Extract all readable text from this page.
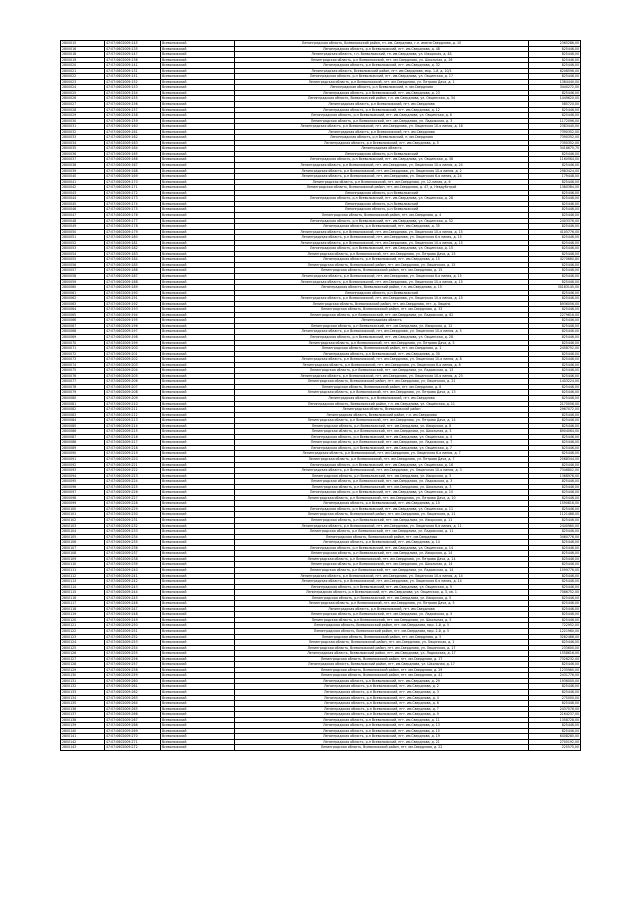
2800015	47:07:0602009:145	Всеволожский	Ленинградская область, Всеволожский район, гп. им. Свердлова, г.п. имени Свердлова, д. 10	2365286,00
2800016	47:07:0602009:135	Всеволожский	Ленинградская область, р-н Всеволожский, пгт. им.Свердлова, д. 48	825446,00
2800018	47:07:0602009:147	Всеволожский	Ленинградская область, г.п. Всеволожский, гп. им.Свердлова, ул. Ижорская, д. 4Б	825446,00
2800019	47:07:0602009:136	Всеволожский	Ленинградская область, р-н Всеволожский, пгт. им.Свердлова, ул. Школьная, д. 26	825446,00
2800020	47:07:0602009:141	Всеволожский	Ленинградская область, р-н Всеволожский, пгт. им.Свердлова, д. 32	825446,00
2800021	47:07:0602009:131	Всеволожский	Ленинградская область, Всеволожский район, пгт. им.Свердлова, мкр. 1-й, д. 10/1	6208596,00
2800022	47:07:0602009:151	Всеволожский	Ленинградская область, р-н Всеволожский, пгт. им.Свердлова, ул. Овцинская, д. 17	825446,00
2800023	47:07:0602009:152	Всеволожский	Ленинградская область, р-н Всеволожский, пгт. им.Свердлова, ул. Петрова Дача, д. 1	1384440,00
2800024	47:07:0602009:153	Всеволожский	Ленинградская область, р-н Всеволожский, п. им.Свердлова	3440272,00
2800025	47:07:0602009:154	Всеволожский	Ленинградская область, р-н Всеволожский, пгт. им.Свердлова, д. 23	825446,00
2800026	47:07:0602009:155	Всеволожский	Ленинградская область, Всеволожский район, г.п. им.Свердлова, ул. Овцинская, д. 34	1449620,00
2800027	47:07:0602009:156	Всеволожский	Ленинградская область, р-н Всеволожский, пгт. им.Свердлова	585720,00
2800028	47:07:0602009:157	Всеволожский	Ленинградская область, р-н Всеволожский, пгт. им.Свердлова, д. 12	825446,00
2800029	47:07:0602009:158	Всеволожский	Ленинградская область, р-н Всеволожский, пгт. им.Свердлова, ул. Овцинская, д. 6	825446,00
2800030	47:07:0602009:159	Всеволожский	Ленинградская область, р-н Всеволожский, пгт. им.Свердлова, ул. Ладожская, д. 3	1172096,00
2800031	47:07:0602009:160	Всеволожский	Ленинградская область, р-н Всеволожский, пгт. им.Свердлова, ул. Овцинская 10-я линия, д. 16	2383440,00
2800032	47:07:0602009:161	Всеволожский	Ленинградская область, р-н Всеволожский, пгт. им.Свердлова	7390352,00
2800033	47:07:0602009:162	Всеволожский	Ленинградская область, р-н Всеволожский, п. им.Свердлова	7390352,00
2800034	47:07:0602009:163	Всеволожский	Ленинградская область, р-н Всеволожский, пгт. им.Свердлова, д. 5	7390352,00
2800035	47:07:0602009:164	Всеволожский	Ленинградская область	3416675,75
2800036	47:07:0602009:165	Всеволожский	Ленинградская область, р-н Всеволожский	825446,00
2800037	47:07:0602009:166	Всеволожский	Ленинградская область, р-н Всеволожский, пгт. им.Свердлова, ул. Овцинская, д. 38	1160564,00
2800038	47:07:0602009:167	Всеволожский	Ленинградская область, р-н Всеволожский, пгт. им.Свердлова, ул. Овцинская 10-я линия, д. 24	825446,00
2800039	47:07:0602009:168	Всеволожский	Ленинградская область, р-н Всеволожский, пгт. им.Свердлова, ул. Овцинская 10-я линия, д. 2	2983424,00
2800040	47:07:0602009:169	Всеволожский	Ленинградская область, р-н Всеволожский, пгт. им.Свердлова, ул. Овцинская 6-я линия, д. 24	179448,00
2800041	47:07:0602009:170	Всеволожский	Ленинградская область, р-н Всеволожский, пгт. им.Свердлова, ул. 12-линия, д. 6	825446,00
2800042	47:07:0602009:171	Всеволожский	Ленинградская область, Всеволожский район, пгт. им.Свердлова, д. 47, д. Невдубстрой	1360384,00
2800043	47:07:0602009:172	Всеволожский	Ленинградская область, р-н Всеволожский	825446,00
2800044	47:07:0602009:173	Всеволожский	Ленинградская область, р-н Всеволожский, пгт. им.Свердлова, ул. Овцинская, д. 28	825446,00
2800045	47:07:0602009:174	Всеволожский	Ленинградская область, р-н Всеволожский	825446,00
2800046	47:07:0602009:175	Всеволожский	Ленинградская область, р-н Всеволожский	825446,00
2800047	47:07:0602009:176	Всеволожский	Ленинградская область, Всеволожский район, пгт. им.Свердлова, д. 4	825446,00
2800048	47:07:0602009:177	Всеволожский	Ленинградская область, р-н Всеволожский, пгт. им.Свердлова, ул. Овцинская, д. 52	2403376,00
2800049	47:07:0602009:178	Всеволожский	Ленинградская область, р-н Всеволожский, пгт. им.Свердлова, д. 35	825446,00
2800050	47:07:0602009:179	Всеволожский	Ленинградская область, р-н Всеволожский, пгт. им.Свердлова, ул. Овцинская 10-я линия, д. 15	4105776,00
2800051	47:07:0602009:180	Всеволожский	Ленинградская область, р-н Всеволожский, пгт. им.Свердлова, ул. Овцинская 6-я линия, д. 15	825446,00
2800052	47:07:0602009:181	Всеволожский	Ленинградская область, р-н Всеволожский, пгт. им.Свердлова, ул. Овцинская 10-я линия, д. 15	825446,00
2800053	47:07:0602009:182	Всеволожский	Ленинградская область, р-н Всеволожский, пгт. им.Свердлова, ул. Овцинская, д. 15	825446,00
2800054	47:07:0602009:183	Всеволожский	Ленинградская область, р-н Всеволожский, пгт. им.Свердлова, ул. Петрова Дача, д. 15	825446,00
2800055	47:07:0602009:184	Всеволожский	Ленинградская область, р-н Всеволожский, пгт. им.Свердлова, д. 15	4270660,80
2800056	47:07:0602009:185	Всеволожский	Ленинградская область, Всеволожский район, пгт. им.Свердлова, ул. Овцинская, д. 15	825446,00
2800057	47:07:0602009:186	Всеволожский	Ленинградская область, Всеволожский район, пгт. им.Свердлова, д. 15	825446,00
2800058	47:07:0602009:187	Всеволожский	Ленинградская область, р-н Всеволожский, пгт. им.Свердлова, ул. Овцинская 6-я линия, д. 15	825446,00
2800059	47:07:0602009:188	Всеволожский	Ленинградская область, р-н Всеволожский, пгт. им.Свердлова, ул. Овцинская 10-я линия, д. 15	825446,00
2800060	47:07:0602009:189	Всеволожский	Ленинградская область, Всеволожский район, г.п. им.Свердлова, д. 15	30183145,00
2800061	47:07:0602009:190	Всеволожский	Ленинградская область, р-н Всеволожский	825446,00
2800062	47:07:0602009:191	Всеволожский	Ленинградская область, р-н Всеволожский, пгт. им.Свердлова, ул. Овцинская 10-я линия, д. 15	825446,00
2800063	47:07:0602009:192	Всеволожский	Ленинградская область, Всеволожский район, пгт. им.Свердлова, пгт. д. Овцино	8936056,00
2800064	47:07:0602009:193	Всеволожский	Ленинградская область, Всеволожский район, пгт. им.Свердлова, д. 33	825446,00
2800065	47:07:0602009:194	Всеволожский	Ленинградская область, р-н Всеволожский, пгт. им.Свердлова, ул. Ладожская, д. 62	2279616,00
2800066	47:07:0602009:195	Всеволожский	Ленинградская область	825446,00
2800067	47:07:0602009:196	Всеволожский	Ленинградская область, р-н Всеволожский, пгт. им.Свердлова, ул. Ижорская, д. 12	825446,00
2800068	47:07:0602009:197	Всеволожский	Ленинградская область, р-н Всеволожский, пгт. им.Свердлова, ул. Овцинская 10-я линия, д. 5	825446,00
2800069	47:07:0602009:198	Всеволожский	Ленинградская область, р-н Всеволожский, пгт. им.Свердлова, ул. Овцинская, д. 28	825446,00
2800070	47:07:0602009:199	Всеволожский	Ленинградская область, р-н Всеволожский, пгт. им.Свердлова, ул. Петрова Дача, д. 5	825446,00
2800071	47:07:0602009:200	Всеволожский	Ленинградская область, Всеволожский район, пгт. им.Свердлова, д. 1	2458752,00
2800072	47:07:0602009:201	Всеволожский	Ленинградская область, р-н Всеволожский, пгт. им.Свердлова, д. 30	825446,00
2800073	47:07:0602009:202	Всеволожский	Ленинградская область, р-н Всеволожский, пгт. им.Свердлова, ул. Овцинская 10-я линия, д. 8	825446,00
2800074	47:07:0602009:203	Всеволожский	Ленинградская область, р-н Всеволожский, пгт. им.Свердлова, ул. Овцинская 6-я линия, д. 8	825446,00
2800075	47:07:0602009:204	Всеволожский	Ленинградская область, р-н Всеволожский, пгт. им.Свердлова, ул. Ладожская, д. 13	825446,00
2800076	47:07:0602009:205	Всеволожский	Ленинградская область, р-н Всеволожский, пгт. им.Свердлова, ул. Овцинская 10-я линия, д. 23	825446,00
2800077	47:07:0602009:206	Всеволожский	Ленинградская область, Всеволожский район, пгт. им.Свердлова, ул. Овцинская, д. 21	1403224,00
2800078	47:07:0602009:207	Всеволожский	Ленинградская область, Всеволожский район, пгт. им.Свердлова, д. 8	825446,00
2800079	47:07:0602009:208	Всеволожский	Ленинградская область, р-н Всеволожский, пгт. им.Свердлова, ул. Петрова Дача, д. 13	825446,00
2800080	47:07:0602009:209	Всеволожский	Ленинградская область, р-н Всеволожский, пгт. им.Свердлова	825446,00
2800081	47:07:0602009:210	Всеволожский	Ленинградская область, Всеволожский район, г.п. им.Свердлова, ул. Овцинская, д. 11	2175056,00
2800082	47:07:0602009:211	Всеволожский	Ленинградская область, Всеволожский район	2967072,00
2800083	47:07:0602009:212	Всеволожский	Ленинградская область, Всеволожский район, г.п. им.Свердлова	825446,00
2800084	47:07:0602009:213	Всеволожский	Ленинградская область, р-н Всеволожский, пгт. им.Свердлова, ул. Петрова Дача, д. 14	825446,00
2800085	47:07:0602009:214	Всеволожский	Ленинградская область, р-н Всеволожский, пгт. им.Свердлова, ул. Ижорская, д. 8	825446,00
2800086	47:07:0602009:215	Всеволожский	Ленинградская область, р-н Всеволожский, пгт. им.Свердлова, ул. Школьная, д. 3	8904064,00
2800087	47:07:0602009:216	Всеволожский	Ленинградская область, р-н Всеволожский, пгт. им.Свердлова, ул. Овцинская, д. 4	825446,00
2800088	47:07:0602009:217	Всеволожский	Ленинградская область, р-н Всеволожский, пгт. им.Свердлова, ул. Ладожская, д. 7	825446,00
2800089	47:07:0602009:218	Всеволожский	Ленинградская область, р-н Всеволожский, пгт. им.Свердлова, ул. Овцинская, д. 7	825446,00
2800090	47:07:0602009:219	Всеволожский	Ленинградская область, р-н Всеволожский, пгт. им.Свердлова, ул. Овцинская 6-я линия, д. 7	825446,00
2800091	47:07:0602009:220	Всеволожский	Ленинградская область, р-н Всеволожский, пгт. им.Свердлова, ул. Петрова Дача, д. 7	2568344,00
2800092	47:07:0602009:221	Всеволожский	Ленинградская область, р-н Всеволожский, пгт. им.Свердлова, ул. Овцинская, д. 16	825446,00
2800093	47:07:0602009:222	Всеволожский	Ленинградская область, р-н Всеволожский, пгт. им.Свердлова, ул. Овцинская 10-я линия, д. 3	7348802,00
2800094	47:07:0602009:223	Всеволожский	Ленинградская область, р-н Всеволожский, пгт. им.Свердлова, ул. Ижорская, д. 3	1368976,00
2800095	47:07:0602009:224	Всеволожский	Ленинградская область, р-н Всеволожский, пгт. им.Свердлова, ул. Ладожская, д. 3	825446,00
2800096	47:07:0602009:225	Всеволожский	Ленинградская область, р-н Всеволожский, пгт. им.Свердлова, ул. Школьная, д. 3	825446,00
2800097	47:07:0602009:226	Всеволожский	Ленинградская область, р-н Всеволожский, пгт. им.Свердлова, ул. Овцинская, д. 10	825446,00
2800098	47:07:0602009:227	Всеволожский	Ленинградская область, р-н Всеволожский, пгт. им.Свердлова, ул. Петрова Дача, д. 10	825446,00
2800099	47:07:0602009:228	Всеволожский	Ленинградская область, р-н Всеволожский, пгт. им.Свердлова, д. 10	1590816,00
2800100	47:07:0602009:229	Всеволожский	Ленинградская область, р-н Всеволожский, пгт. им.Свердлова, ул. Овцинская, д. 11	825446,00
2800101	47:07:0602009:230	Всеволожский	Ленинградская область, Всеволожский район, пгт. им.Свердлова, ул. Овцинская, д. 11	1121488,00
2800102	47:07:0602009:231	Всеволожский	Ленинградская область, р-н Всеволожский, пгт. им.Свердлова, ул. Ижорская, д. 11	825446,00
2800103	47:07:0602009:232	Всеволожский	Ленинградская область, р-н Всеволожский, пгт. им.Свердлова, ул. Овцинская 6-я линия, д. 11	2440960,00
2800104	47:07:0602009:233	Всеволожский	Ленинградская область, р-н Всеволожский, пгт. им.Свердлова, ул. Ладожская, д. 11	825446,00
2800105	47:07:0602009:234	Всеволожский	Ленинградская область, Всеволожский район, пгт. им.Свердлова	3460776,00
2800106	47:07:0602009:235	Всеволожский	Ленинградская область, р-н Всеволожский, пгт. им.Свердлова, д. 14	825446,00
2800107	47:07:0602009:236	Всеволожский	Ленинградская область, р-н Всеволожский, пгт. им.Свердлова, ул. Овцинская, д. 14	825446,00
2800108	47:07:0602009:237	Всеволожский	Ленинградская область, р-н Всеволожский, пгт. им.Свердлова, ул. Ижорская, д. 14	825446,00
2800109	47:07:0602009:238	Всеволожский	Ленинградская область, р-н Всеволожский, пгт. им.Свердлова, ул. Петрова Дача, д. 14	825446,00
2800110	47:07:0602009:239	Всеволожский	Ленинградская область, р-н Всеволожский, пгт. им.Свердлова, ул. Школьная, д. 14	825446,00
2800111	47:07:0602009:240	Всеволожский	Ленинградская область, р-н Всеволожский, пгт. им.Свердлова, ул. Ладожская, д. 14	1599776,00
2800112	47:07:0602009:241	Всеволожский	Ленинградская область, р-н Всеволожский, пгт. им.Свердлова, ул. Овцинская 10-я линия, д. 14	825446,00
2800113	47:07:0602009:242	Всеволожский	Ленинградская область, р-н Всеволожский, пгт. им.Свердлова, ул. Овцинская 6-я линия, д. 14	825446,00
2800114	47:07:0602009:243	Всеволожский	Ленинградская область, р-н Всеволожский, пгт. им.Свердлова, ул. Овцинская, д. 9	825446,00
2800115	47:07:0602009:244	Всеволожский	Ленинградская область, р-н Всеволожский, пгт. им.Свердлова, ул. Овцинская, д. 5, кв. 1	7086752,00
2800116	47:07:0602009:245	Всеволожский	Ленинградская область, р-н Всеволожский, пгт. им.Свердлова, ул. Ижорская, д. 5	825446,00
2800117	47:07:0602009:246	Всеволожский	Ленинградская область, р-н Всеволожский, пгт. им.Свердлова, ул. Петрова Дача, д. 5	825446,00
2800118	47:07:0602009:247	Всеволожский	Ленинградская область, р-н Всеволожский, пгт. им.Свердлова	825446,00
2800119	47:07:0602009:248	Всеволожский	Ленинградская область, р-н Всеволожский, пгт. им.Свердлова, ул. Ладожская, д. 5	825446,00
2800120	47:07:0602009:249	Всеволожский	Ленинградская область, р-н Всеволожский, пгт. им.Свердлова, ул. Школьная, д. 5	825446,00
2800121	47:07:0602009:250	Всеволожский	Ленинградская область, Всеволожский район, пгт. им.Свердлова, мкр. 1-й, д. 5	722952,00
2800122	47:07:0602009:251	Всеволожский	Ленинградская область, Всеволожский район, пгт. им.Свердлова, мкр. 2-й, д. 5	1221960,00
2800123	47:07:0602009:252	Всеволожский	Ленинградская область, Всеволожский район, пгт. им.Свердлова, д. 5	3262488,00
2800124	47:07:0602009:253	Всеволожский	Ленинградская область, Всеволожский район, пгт. им.Свердлова, ул. Овцинская, д. 1	825446,00
2800125	47:07:0602009:254	Всеволожский	Ленинградская область, Всеволожский район, пгт. им.Свердлова, ул. Овцинская, д. 17	233600,00
2800126	47:07:0602009:255	Всеволожский	Ленинградская область, Всеволожский район, пгт. им.Свердлова, ул. Ладожская, д. 17	1558616,00
2800127	47:07:0602009:256	Всеволожский	Ленинградская область, Всеволожский район, пгт. им.Свердлова, д. 17	7326232,00
2800128	47:07:0602009:257	Всеволожский	Ленинградская область, Всеволожский район, пгт. им.Свердлова, ул. Школьная, д. 17	825446,00
2800129	47:07:0602009:258	Всеволожский	Ленинградская область, Всеволожский район, пгт. им.Свердлова, д. 29	1235960,00
2800130	47:07:0602009:259	Всеволожский	Ленинградская область, Всеволожский район, пгт. им.Свердлова, д. 41	2431776,00
2800131	47:07:0602009:260	Всеволожский	Ленинградская область, р-н Всеволожский, пгт. им.Свердлова, д. 29	1936000,00
2800132	47:07:0602009:261	Всеволожский	Ленинградская область, р-н Всеволожский, пгт. им.Свердлова, д. 2	825446,00
2800133	47:07:0602009:262	Всеволожский	Ленинградская область, р-н Всеволожский, пгт. им.Свердлова, д. 3	825446,00
2800134	47:07:0602009:263	Всеволожский	Ленинградская область, р-н Всеволожский, пгт. им.Свердлова, д. 4	275000,00
2800135	47:07:0602009:264	Всеволожский	Ленинградская область, р-н Всеволожский, пгт. им.Свердлова, д. 6	825446,00
2800136	47:07:0602009:265	Всеволожский	Ленинградская область, р-н Всеволожский, пгт. им.Свердлова, д. 7	2437576,00
2800137	47:07:0602009:266	Всеволожский	Ленинградская область, р-н Всеволожский, пгт. им.Свердлова, д. 9	2164237,00
2800138	47:07:0602009:267	Всеволожский	Ленинградская область, р-н Всеволожский, пгт. им.Свердлова, д. 11	1358728,00
2800139	47:07:0602009:268	Всеволожский	Ленинградская область, р-н Всеволожский, пгт. им.Свердлова, д. 13	825446,00
2800140	47:07:0602009:269	Всеволожский	Ленинградская область, р-н Всеволожский, пгт. им.Свердлова, д. 15	825446,00
2800141	47:07:0602009:270	Всеволожский	Ленинградская область, р-н Всеволожский, пгт. им.Свердлова, д. 19	6408280,00
2800142	47:07:0602009:271	Всеволожский	Ленинградская область, р-н Всеволожский, пгт. им.Свердлова, д. 21	2705192,00
2800143	47:07:0602009:272	Всеволожский	Ленинградская область, Всеволожский район, пгт. им.Свердлова, д. 22	225575,00
